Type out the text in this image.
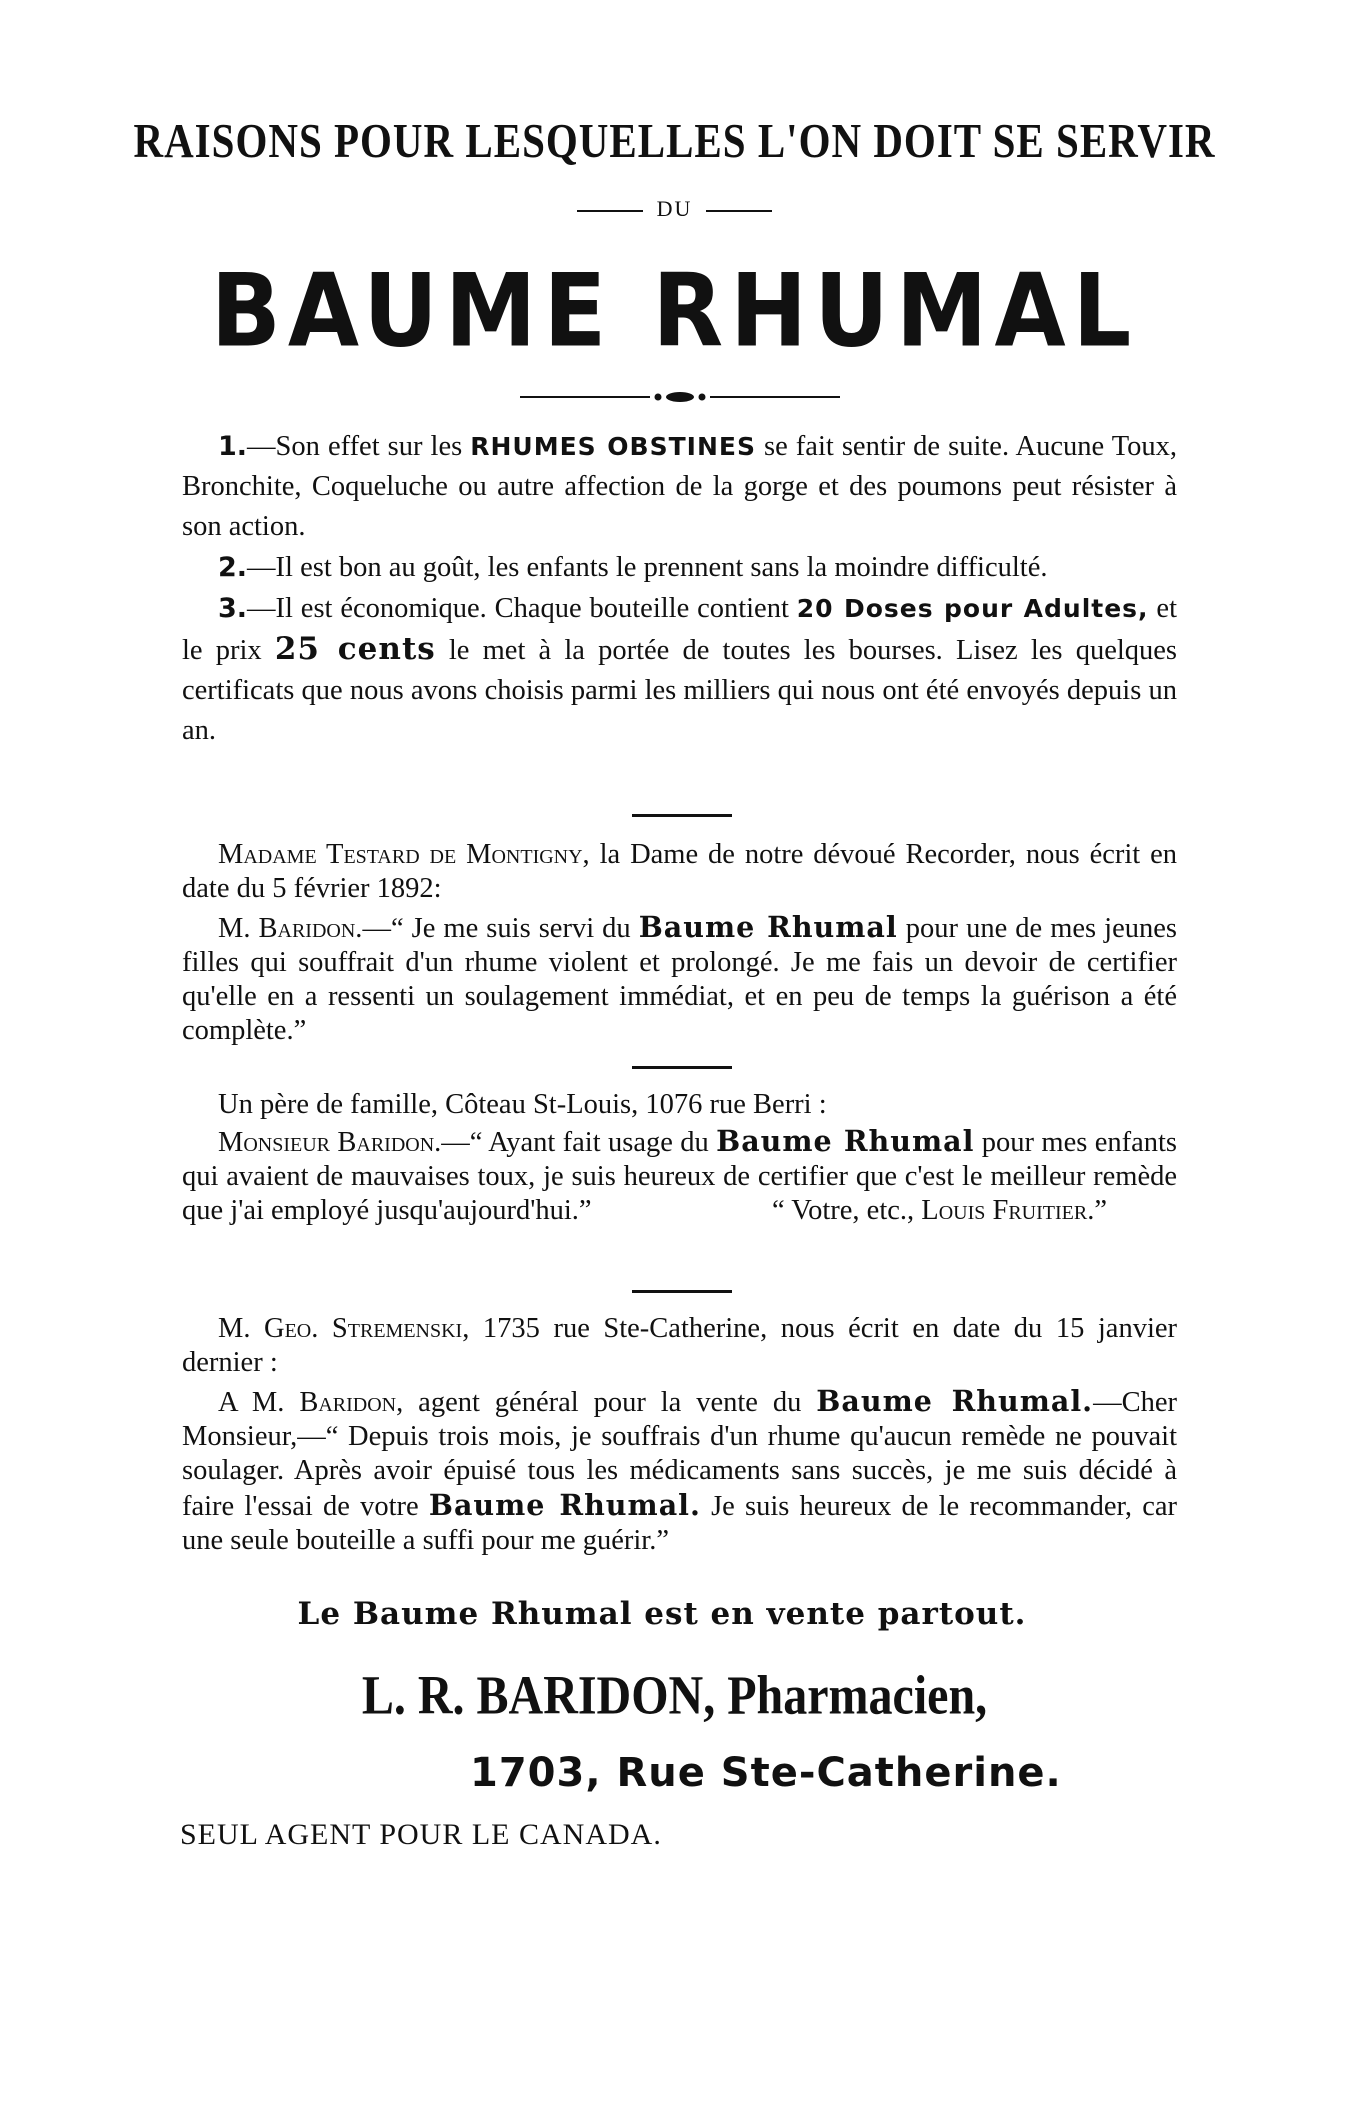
RAISONS POUR LESQUELLES L'ON DOIT SE SERVIR
DU
BAUME RHUMAL

1.—Son effet sur les RHUMES OBSTINES se fait sentir de suite. Aucune Toux, Bronchite, Coqueluche ou autre affection de la gorge et des poumons peut résister à son action.

2.—Il est bon au goût, les enfants le prennent sans la moindre difficulté.

3.—Il est économique. Chaque bouteille contient 20 Doses pour Adultes, et le prix 25 cents le met à la portée de toutes les bourses. Lisez les quelques certificats que nous avons choisis parmi les milliers qui nous ont été envoyés depuis un an.

Madame Testard de Montigny, la Dame de notre dévoué Recorder, nous écrit en date du 5 février 1892:

M. Baridon.—“ Je me suis servi du Baume Rhumal pour une de mes jeunes filles qui souffrait d'un rhume violent et prolongé. Je me fais un devoir de certifier qu'elle en a ressenti un soulagement immédiat, et en peu de temps la guérison a été complète.”

Un père de famille, Côteau St-Louis, 1076 rue Berri :

Monsieur Baridon.—“ Ayant fait usage du Baume Rhumal pour mes enfants qui avaient de mauvaises toux, je suis heureux de certifier que c'est le meilleur remède que j'ai employé jusqu'aujourd'hui.”	“ Votre, etc., Louis Fruitier.”

M. Geo. Stremenski, 1735 rue Ste-Catherine, nous écrit en date du 15 janvier dernier :

A M. Baridon, agent général pour la vente du Baume Rhumal.—Cher Monsieur,—“ Depuis trois mois, je souffrais d'un rhume qu'aucun remède ne pouvait soulager. Après avoir épuisé tous les médicaments sans succès, je me suis décidé à faire l'essai de votre Baume Rhumal. Je suis heureux de le recommander, car une seule bouteille a suffi pour me guérir.”

Le Baume Rhumal est en vente partout.
L. R. BARIDON, Pharmacien,
1703, Rue Ste-Catherine.
SEUL AGENT POUR LE CANADA.
